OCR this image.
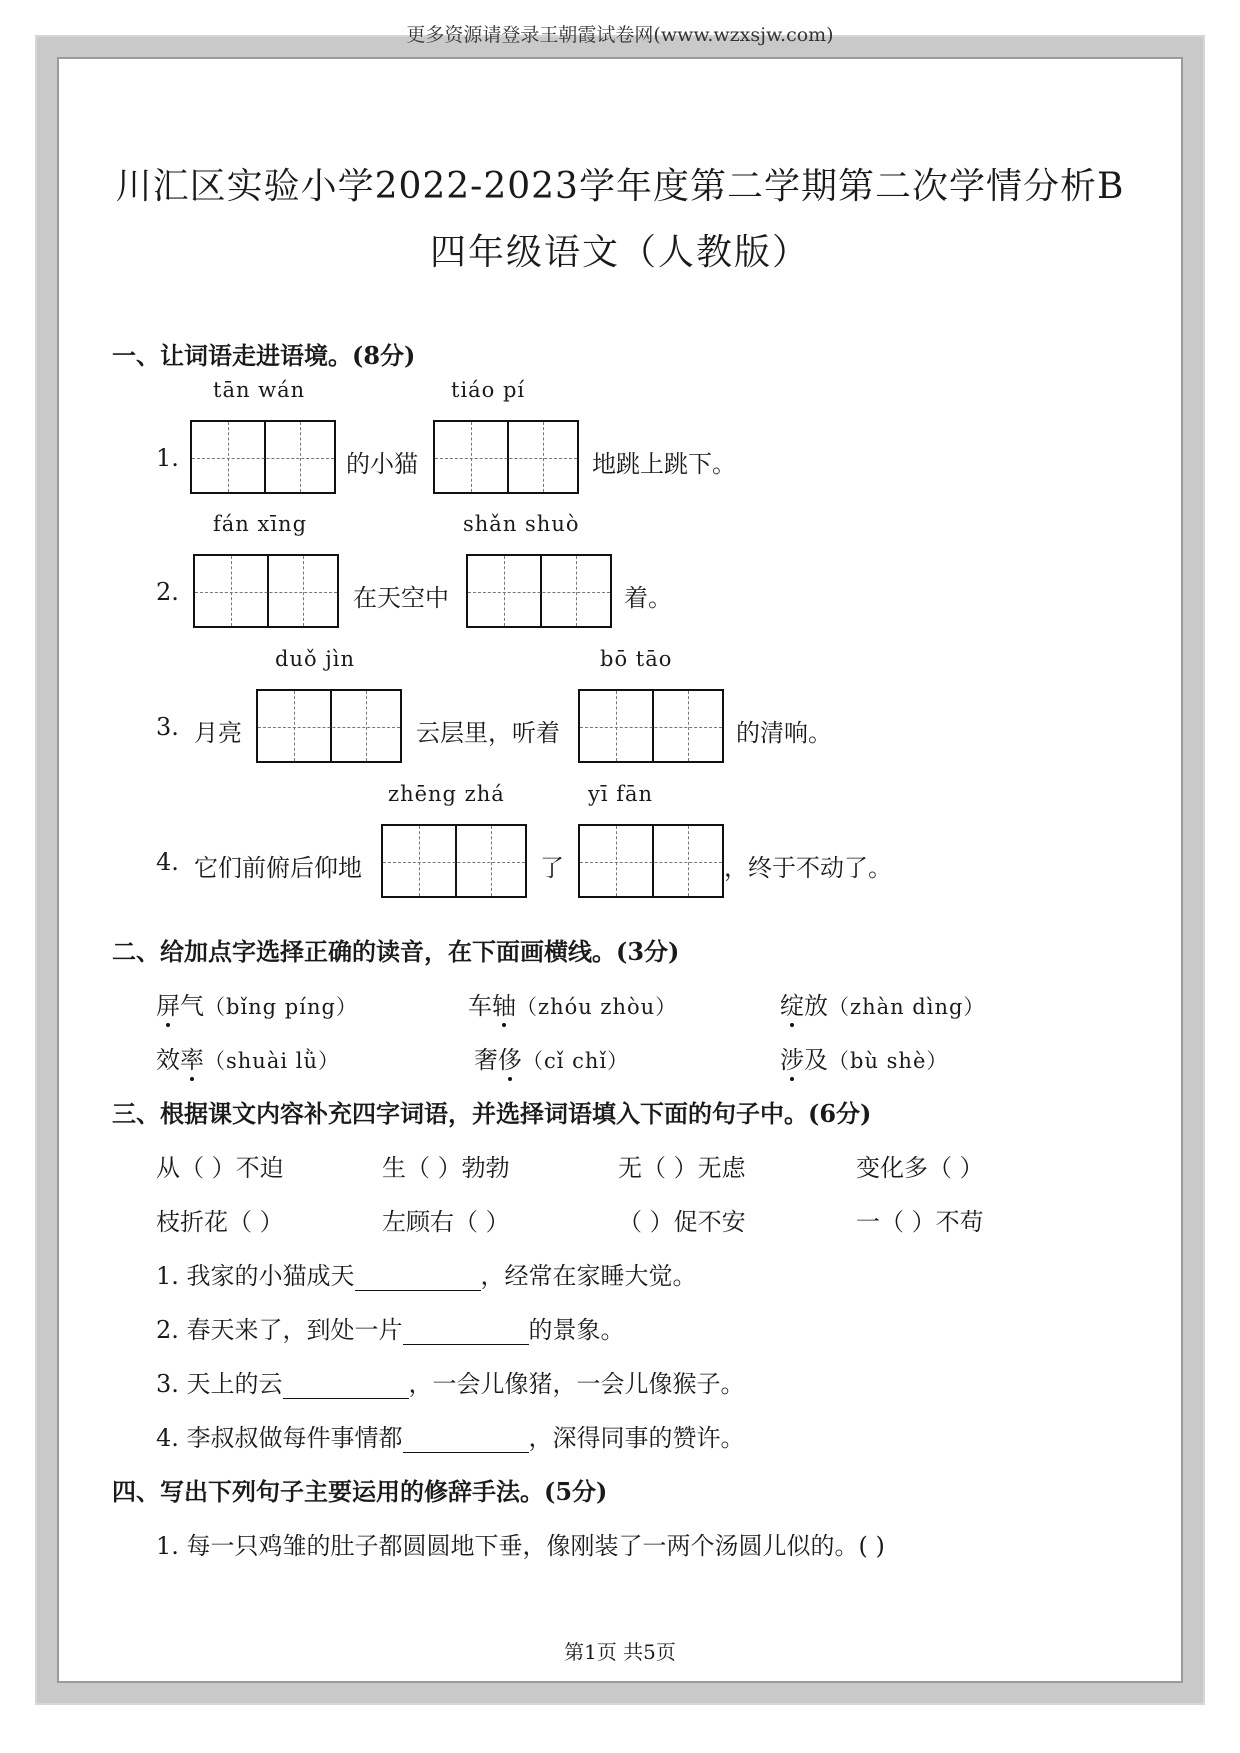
更多资源请登录王朝霞试卷网(www.wzxsjw.com)
川汇区实验小学2022-2023学年度第二学期第二次学情分析B
四年级语文（人教版）
一、让词语走进语境。(8分)
tān wán	tiáo pí
1.	的小猫	地跳上跳下。
fán xīng	shǎn shuò
2.	在天空中	着。
duǒ jìn	bō tāo
3. 月亮	云层里，听着	的清响。
zhēng zhá	yī fān
4. 它们前俯后仰地	了	，终于不动了。
二、给加点字选择正确的读音，在下面画横线。(3分)
屏气（bǐng píng）	车轴（zhóu zhòu）	绽放（zhàn dìng）
效率（shuài lǜ）	奢侈（cǐ chǐ）	涉及（bù shè）
三、根据课文内容补充四字词语，并选择词语填入下面的句子中。(6分)
从（ ）不迫	生（ ）勃勃	无（ ）无虑	变化多（ ）
枝折花（ ）	左顾右（ ）	（ ）促不安	一（ ）不苟
1. 我家的小猫成天	，经常在家睡大觉。
2. 春天来了，到处一片	的景象。
3. 天上的云	，一会儿像猪，一会儿像猴子。
4. 李叔叔做每件事情都	，深得同事的赞许。
四、写出下列句子主要运用的修辞手法。(5分)
1. 每一只鸡雏的肚子都圆圆地下垂，像刚装了一两个汤圆儿似的。( )
第1页 共5页
